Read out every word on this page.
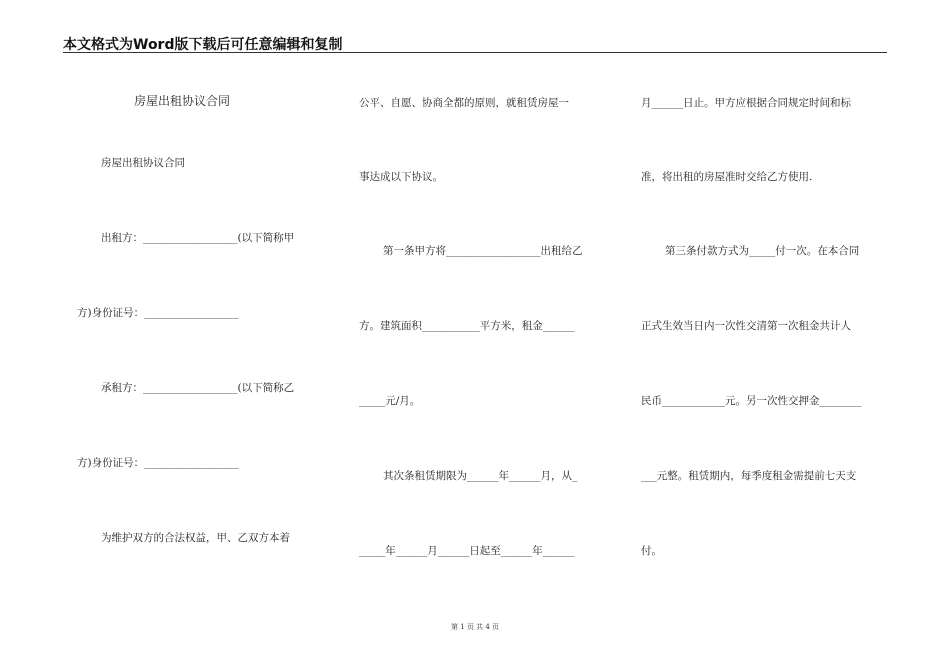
本文格式为Word版下载后可任意编辑和复制
房屋出租协议合同
房屋出租协议合同
出租方：__________________(以下简称甲
方)身份证号：__________________
承租方：__________________(以下简称乙
方)身份证号：__________________
为维护双方的合法权益，甲、乙双方本着
公平、自愿、协商全都的原则，就租赁房屋一
事达成以下协议。
第一条甲方将__________________出租给乙
方。建筑面积___________平方米，租金______
_____元/月。
其次条租赁期限为______年______月，从_
_____年______月______日起至______年______
月______日止。甲方应根据合同规定时间和标
准，将出租的房屋准时交给乙方使用.
第三条付款方式为_____付一次。在本合同
正式生效当日内一次性交清第一次租金共计人
民币____________元。另一次性交押金________
___元整。租赁期内，每季度租金需提前七天支
付。
第 1 页 共 4 页
